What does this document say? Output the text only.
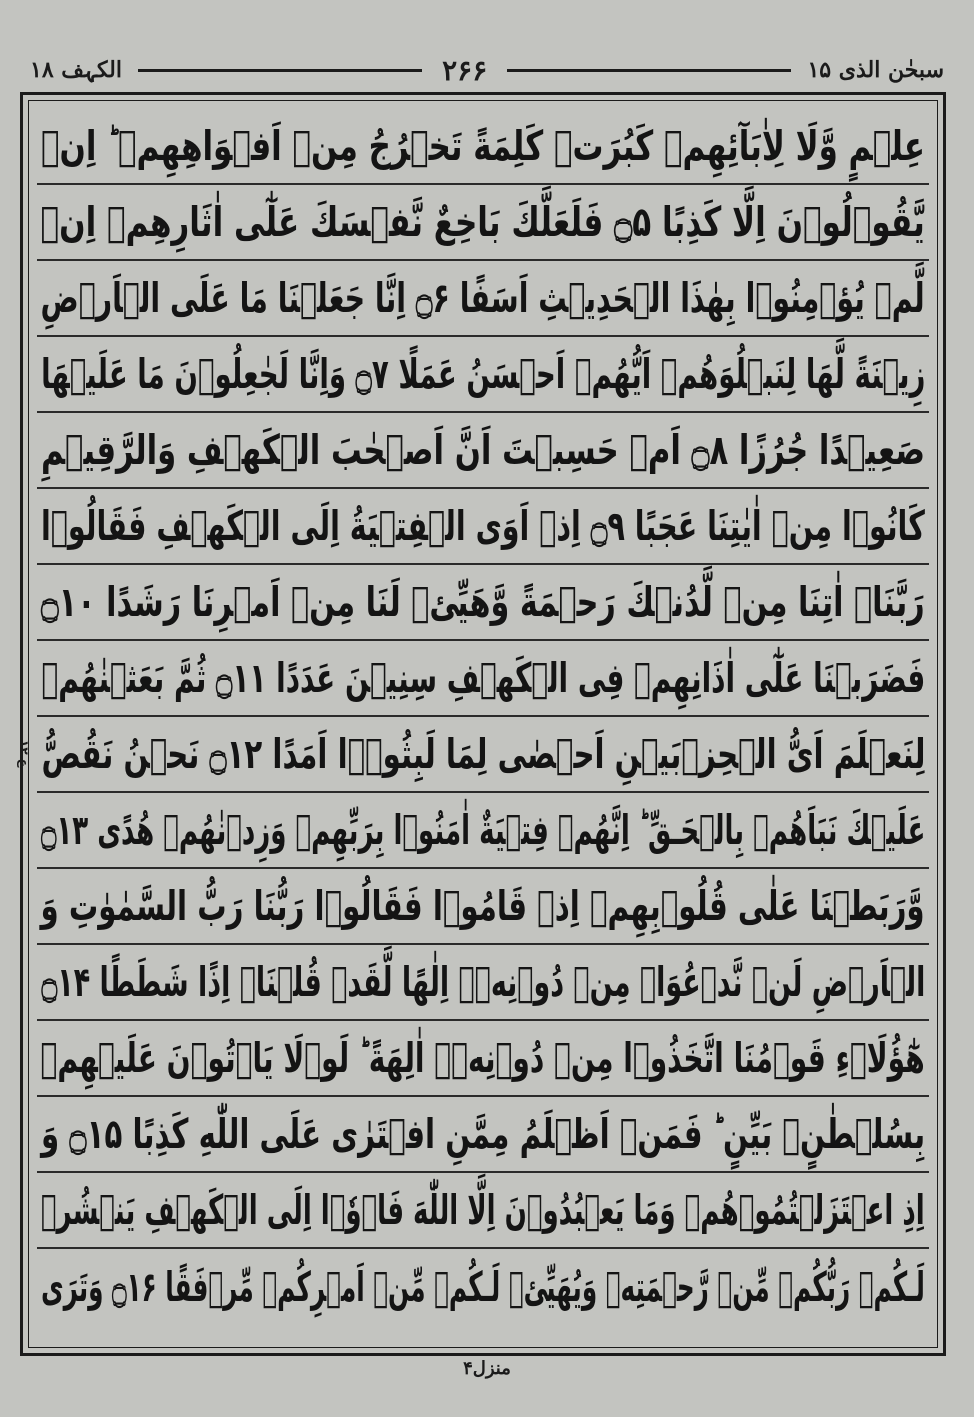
سبحٰن الذی ۱۵
۲۶۶
الکہف ۱۸
عِلۡمٍ وَّلَا لِاٰبَآئِهِمۡ كَبُرَتۡ كَلِمَةً تَخۡرُجُ مِنۡ اَفۡوَاهِهِمۡ ؕ اِنۡ
يَّقُوۡلُوۡنَ اِلَّا كَذِبًا ۝۵ فَلَعَلَّكَ بَاخِعٌ نَّفۡسَكَ عَلٰٓى اٰثَارِهِمۡ اِنۡ
لَّمۡ يُؤۡمِنُوۡا بِهٰذَا الۡحَدِيۡثِ اَسَفًا ۝۶ اِنَّا جَعَلۡنَا مَا عَلَى الۡاَرۡضِ
زِيۡنَةً لَّهَا لِنَبۡلُوَهُمۡ اَيُّهُمۡ اَحۡسَنُ عَمَلًا ۝۷ وَاِنَّا لَجٰعِلُوۡنَ مَا عَلَيۡهَا
صَعِيۡدًا جُرُزًا ۝۸ اَمۡ حَسِبۡتَ اَنَّ اَصۡحٰبَ الۡكَهۡفِ وَالرَّقِيۡمِ
كَانُوۡا مِنۡ اٰيٰتِنَا عَجَبًا ۝۹ اِذۡ اَوَى الۡفِتۡيَةُ اِلَى الۡكَهۡفِ فَقَالُوۡا
رَبَّنَاۤ اٰتِنَا مِنۡ لَّدُنۡكَ رَحۡمَةً وَّهَيِّئۡ لَنَا مِنۡ اَمۡرِنَا رَشَدًا ۝۱۰
فَضَرَبۡنَا عَلٰٓى اٰذَانِهِمۡ فِى الۡكَهۡفِ سِنِيۡنَ عَدَدًا ۝۱۱ ثُمَّ بَعَثۡنٰهُمۡ
لِنَعۡلَمَ اَىُّ الۡحِزۡبَيۡنِ اَحۡصٰى لِمَا لَبِثُوۡۤا اَمَدًا ۝۱۲ نَحۡنُ نَقُصُّ
عَلَيۡكَ نَبَاَهُمۡ بِالۡحَـقِّ ؕ اِنَّهُمۡ فِتۡيَةٌ اٰمَنُوۡا بِرَبِّهِمۡ وَزِدۡنٰهُمۡ هُدًى ۝۱۳
وَّرَبَطۡنَا عَلٰى قُلُوۡبِهِمۡ اِذۡ قَامُوۡا فَقَالُوۡا رَبُّنَا رَبُّ السَّمٰوٰتِ وَ
الۡاَرۡضِ لَنۡ نَّدۡعُوَا۟ مِنۡ دُوۡنِهٖۤ اِلٰهًا لَّقَدۡ قُلۡنَاۤ اِذًا شَطَطًا ۝۱۴
هٰٓؤُلَاۤءِ قَوۡمُنَا اتَّخَذُوۡا مِنۡ دُوۡنِهٖۤ اٰلِهَةً ؕ لَوۡلَا يَاۡتُوۡنَ عَلَيۡهِمۡ
بِسُلۡطٰنٍۢ بَيِّنٍ ؕ فَمَنۡ اَظۡلَمُ مِمَّنِ افۡتَرٰى عَلَى اللّٰهِ كَذِبًا ۝۱۵ وَ
اِذِ اعۡتَزَلۡتُمُوۡهُمۡ وَمَا يَعۡبُدُوۡنَ اِلَّا اللّٰهَ فَاۡوٗۤا اِلَى الۡكَهۡفِ يَنۡشُرۡ
لَـكُمۡ رَبُّكُمۡ مِّنۡ رَّحۡمَتِهٖ وَيُهَيِّئۡ لَـكُمۡ مِّنۡ اَمۡرِكُمۡ مِّرۡفَقًا ۝۱۶ وَتَرَى
ع ۱۲
منزل۴
